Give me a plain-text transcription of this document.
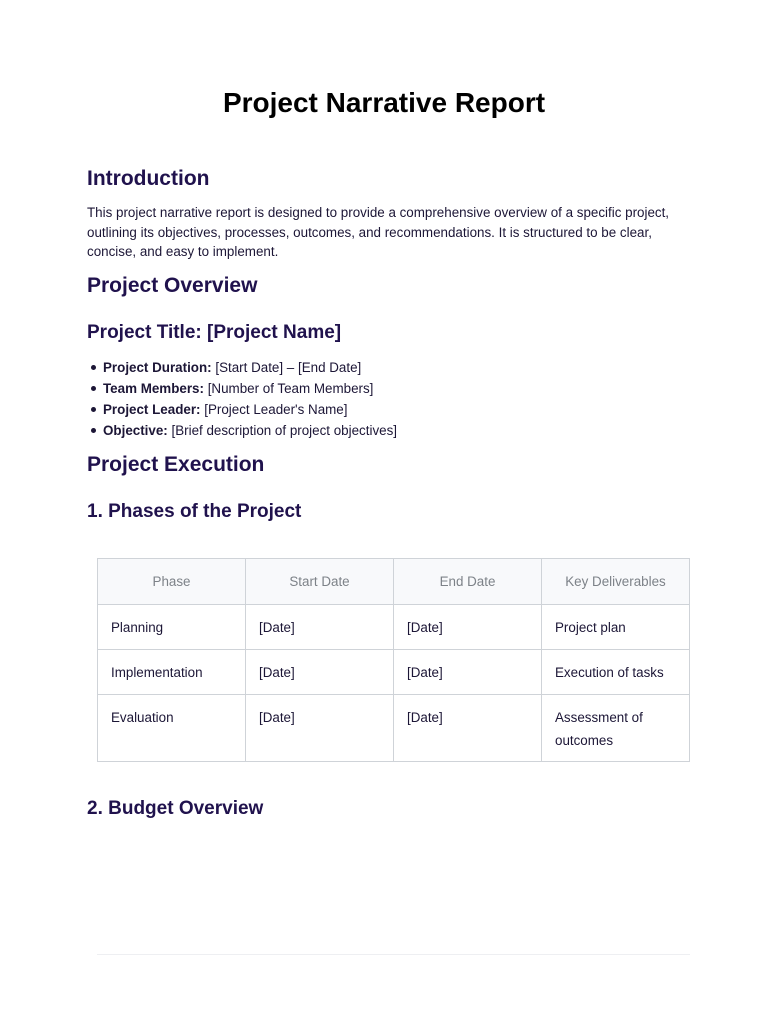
Project Narrative Report
Introduction

This project narrative report is designed to provide a comprehensive overview of a specific project, outlining its objectives, processes, outcomes, and recommendations. It is structured to be clear, concise, and easy to implement.

Project Overview
Project Title: [Project Name]
Project Duration: [Start Date] – [End Date]
Team Members: [Number of Team Members]
Project Leader: [Project Leader's Name]
Objective: [Brief description of project objectives]
Project Execution
1. Phases of the Project
Phase	Start Date	End Date	Key Deliverables
Planning	[Date]	[Date]	Project plan
Implementation	[Date]	[Date]	Execution of tasks
Evaluation	[Date]	[Date]	Assessment of outcomes
2. Budget Overview
